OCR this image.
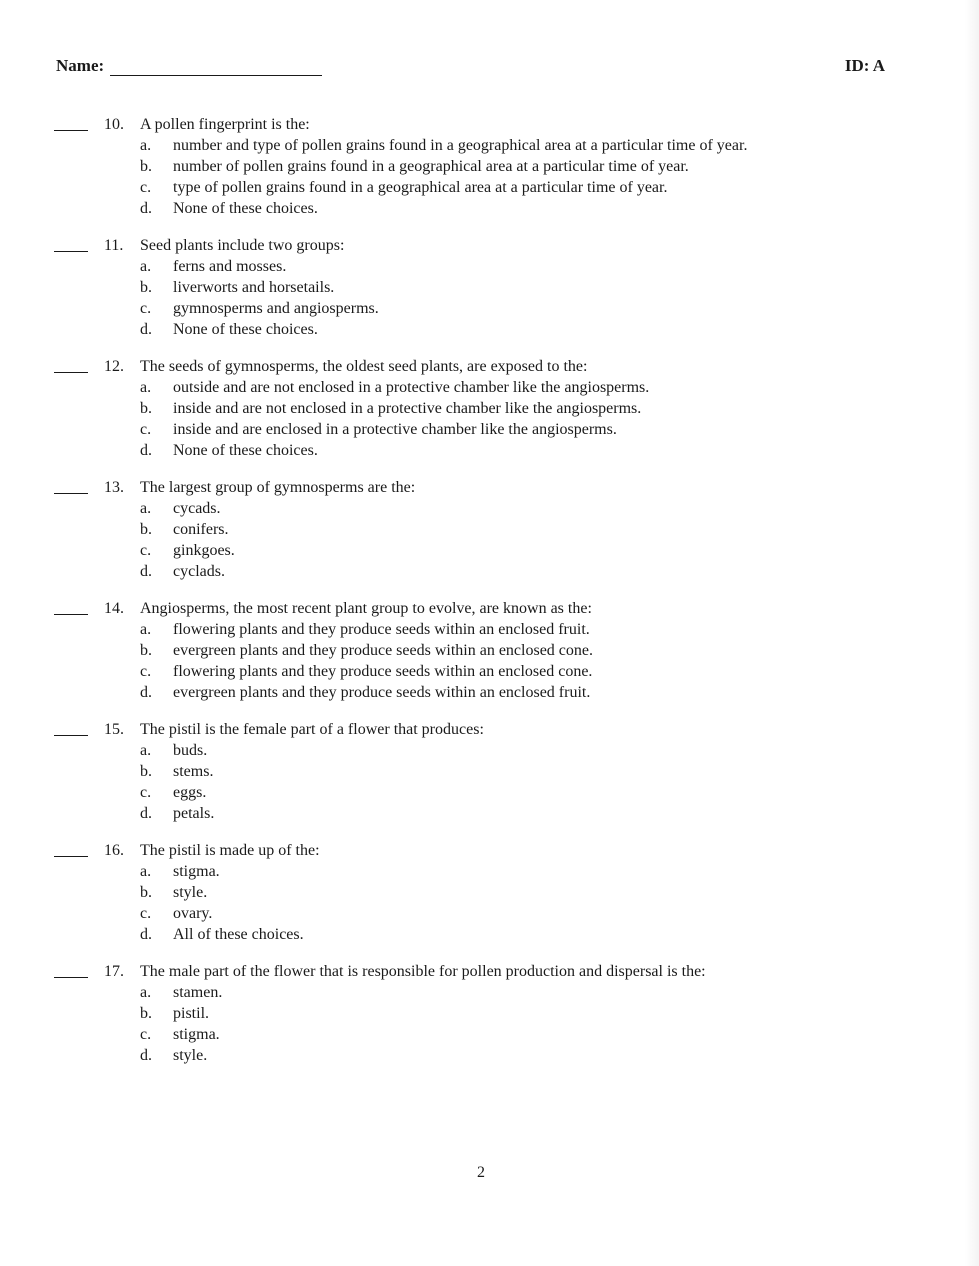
Name:	ID: A
10.	A pollen fingerprint is the:
a.	number and type of pollen grains found in a geographical area at a particular time of year.
b.	number of pollen grains found in a geographical area at a particular time of year.
c.	type of pollen grains found in a geographical area at a particular time of year.
d.	None of these choices.
11.	Seed plants include two groups:
a.	ferns and mosses.
b.	liverworts and horsetails.
c.	gymnosperms and angiosperms.
d.	None of these choices.
12.	The seeds of gymnosperms, the oldest seed plants, are exposed to the:
a.	outside and are not enclosed in a protective chamber like the angiosperms.
b.	inside and are not enclosed in a protective chamber like the angiosperms.
c.	inside and are enclosed in a protective chamber like the angiosperms.
d.	None of these choices.
13.	The largest group of gymnosperms are the:
a.	cycads.
b.	conifers.
c.	ginkgoes.
d.	cyclads.
14.	Angiosperms, the most recent plant group to evolve, are known as the:
a.	flowering plants and they produce seeds within an enclosed fruit.
b.	evergreen plants and they produce seeds within an enclosed cone.
c.	flowering plants and they produce seeds within an enclosed cone.
d.	evergreen plants and they produce seeds within an enclosed fruit.
15.	The pistil is the female part of a flower that produces:
a.	buds.
b.	stems.
c.	eggs.
d.	petals.
16.	The pistil is made up of the:
a.	stigma.
b.	style.
c.	ovary.
d.	All of these choices.
17.	The male part of the flower that is responsible for pollen production and dispersal is the:
a.	stamen.
b.	pistil.
c.	stigma.
d.	style.
2
